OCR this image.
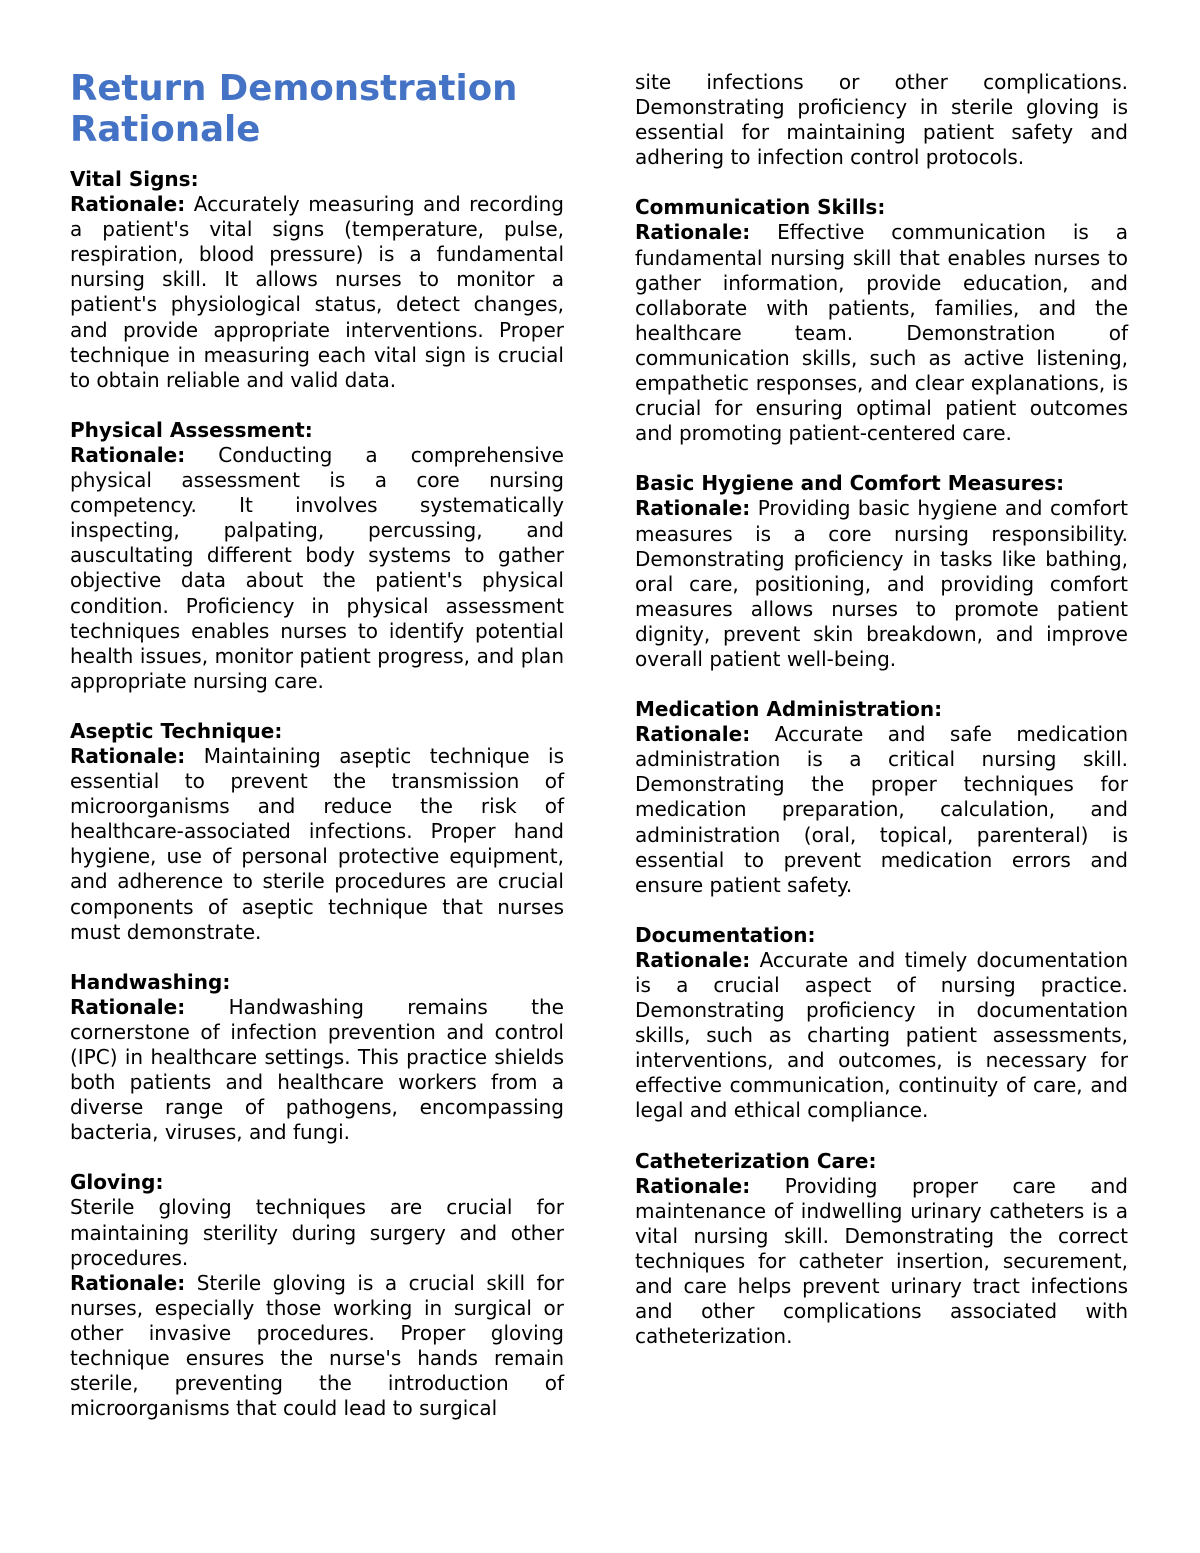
Return Demonstration Rationale
Vital Signs:

Rationale: Accurately measuring and recording a patient's vital signs (temperature, pulse, respiration, blood pressure) is a fundamental nursing skill. It allows nurses to monitor a patient's physiological status, detect changes, and provide appropriate interventions. Proper technique in measuring each vital sign is crucial to obtain reliable and valid data.

Physical Assessment:

Rationale: Conducting a comprehensive physical assessment is a core nursing competency. It involves systematically inspecting, palpating, percussing, and auscultating different body systems to gather objective data about the patient's physical condition. Proficiency in physical assessment techniques enables nurses to identify potential health issues, monitor patient progress, and plan appropriate nursing care.

Aseptic Technique:

Rationale: Maintaining aseptic technique is essential to prevent the transmission of microorganisms and reduce the risk of healthcare-associated infections. Proper hand hygiene, use of personal protective equipment, and adherence to sterile procedures are crucial components of aseptic technique that nurses must demonstrate.

Handwashing:

Rationale: Handwashing remains the cornerstone of infection prevention and control (IPC) in healthcare settings. This practice shields both patients and healthcare workers from a diverse range of pathogens, encompassing bacteria, viruses, and fungi.

Gloving:

Sterile gloving techniques are crucial for maintaining sterility during surgery and other procedures.

Rationale: Sterile gloving is a crucial skill for nurses, especially those working in surgical or other invasive procedures. Proper gloving technique ensures the nurse's hands remain sterile, preventing the introduction of microorganisms that could lead to surgical

site infections or other complications. Demonstrating proficiency in sterile gloving is essential for maintaining patient safety and adhering to infection control protocols.

Communication Skills:

Rationale: Effective communication is a fundamental nursing skill that enables nurses to gather information, provide education, and collaborate with patients, families, and the healthcare team. Demonstration of communication skills, such as active listening, empathetic responses, and clear explanations, is crucial for ensuring optimal patient outcomes and promoting patient-centered care.

Basic Hygiene and Comfort Measures:

Rationale: Providing basic hygiene and comfort measures is a core nursing responsibility. Demonstrating proficiency in tasks like bathing, oral care, positioning, and providing comfort measures allows nurses to promote patient dignity, prevent skin breakdown, and improve overall patient well-being.

Medication Administration:

Rationale: Accurate and safe medication administration is a critical nursing skill. Demonstrating the proper techniques for medication preparation, calculation, and administration (oral, topical, parenteral) is essential to prevent medication errors and ensure patient safety.

Documentation:

Rationale: Accurate and timely documentation is a crucial aspect of nursing practice. Demonstrating proficiency in documentation skills, such as charting patient assessments, interventions, and outcomes, is necessary for effective communication, continuity of care, and legal and ethical compliance.

Catheterization Care:

Rationale: Providing proper care and maintenance of indwelling urinary catheters is a vital nursing skill. Demonstrating the correct techniques for catheter insertion, securement, and care helps prevent urinary tract infections and other complications associated with catheterization.
